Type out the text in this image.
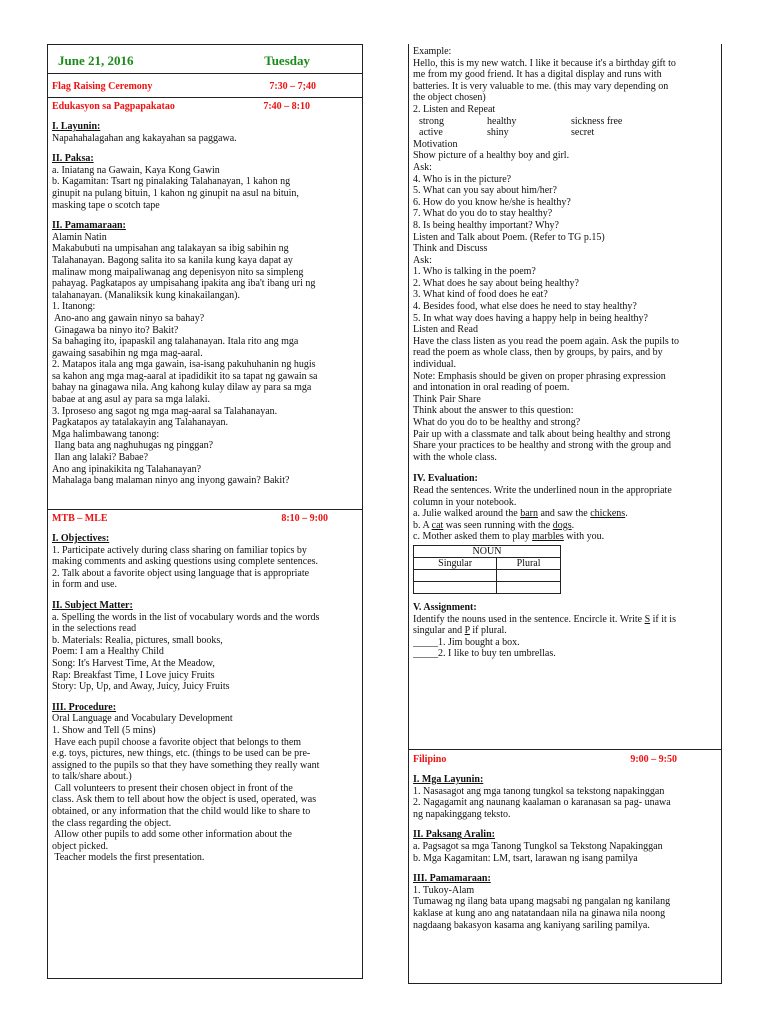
June 21, 2016	Tuesday
Flag Raising Ceremony	7:30 – 7;40
Edukasyon sa Pagpapakatao	7:40 – 8:10
I. Layunin:
Napahahalagahan ang kakayahan sa paggawa.
II. Paksa:
a. Iniatang na Gawain, Kaya Kong Gawin
b. Kagamitan: Tsart ng pinalaking Talahanayan, 1 kahon ng
ginupit na pulang bituin, 1 kahon ng ginupit na asul na bituin,
masking tape o scotch tape
II. Pamamaraan:
Alamin Natin
Makabubuti na umpisahan ang talakayan sa ibig sabihin ng
Talahanayan. Bagong salita ito sa kanila kung kaya dapat ay
malinaw mong maipaliwanag ang depenisyon nito sa simpleng
pahayag. Pagkatapos ay umpisahang ipakita ang iba't ibang uri ng
talahanayan. (Manaliksik kung kinakailangan).
1. Itanong:
Ano-ano ang gawain ninyo sa bahay?
Ginagawa ba ninyo ito? Bakit?
Sa bahaging ito, ipapaskil ang talahanayan. Itala rito ang mga
gawaing sasabihin ng mga mag-aaral.
2. Matapos itala ang mga gawain, isa-isang pakuhuhanin ng hugis
sa kahon ang mga mag-aaral at ipadidikit ito sa tapat ng gawain sa
bahay na ginagawa nila. Ang kahong kulay dilaw ay para sa mga
babae at ang asul ay para sa mga lalaki.
3. Iproseso ang sagot ng mga mag-aaral sa Talahanayan.
Pagkatapos ay tatalakayin ang Talahanayan.
Mga halimbawang tanong:
Ilang bata ang naghuhugas ng pinggan?
Ilan ang lalaki? Babae?
Ano ang ipinakikita ng Talahanayan?
Mahalaga bang malaman ninyo ang inyong gawain? Bakit?
MTB – MLE	8:10 – 9:00
I. Objectives:
1. Participate actively during class sharing on familiar topics by
making comments and asking questions using complete sentences.
2. Talk about a favorite object using language that is appropriate
in form and use.
II. Subject Matter:
a. Spelling the words in the list of vocabulary words and the words
in the selections read
b. Materials: Realia, pictures, small books,
Poem: I am a Healthy Child
Song: It's Harvest Time, At the Meadow,
Rap: Breakfast Time, I Love juicy Fruits
Story: Up, Up, and Away, Juicy, Juicy Fruits
III. Procedure:
Oral Language and Vocabulary Development
1. Show and Tell (5 mins)
Have each pupil choose a favorite object that belongs to them
e.g. toys, pictures, new things, etc. (things to be used can be pre-
assigned to the pupils so that they have something they really want
to talk/share about.)
Call volunteers to present their chosen object in front of the
class. Ask them to tell about how the object is used, operated, was
obtained, or any information that the child would like to share to
the class regarding the object.
Allow other pupils to add some other information about the
object picked.
Teacher models the first presentation.
Example:
Hello, this is my new watch. I like it because it's a birthday gift to
me from my good friend. It has a digital display and runs with
batteries. It is very valuable to me. (this may vary depending on
the object chosen)
2. Listen and Repeat
strong	healthy	sickness free
active	shiny	secret
Motivation
Show picture of a healthy boy and girl.
Ask:
4. Who is in the picture?
5. What can you say about him/her?
6. How do you know he/she is healthy?
7. What do you do to stay healthy?
8. Is being healthy important? Why?
Listen and Talk about Poem. (Refer to TG p.15)
Think and Discuss
Ask:
1. Who is talking in the poem?
2. What does he say about being healthy?
3. What kind of food does he eat?
4. Besides food, what else does he need to stay healthy?
5. In what way does having a happy help in being healthy?
Listen and Read
Have the class listen as you read the poem again. Ask the pupils to
read the poem as whole class, then by groups, by pairs, and by
individual.
Note: Emphasis should be given on proper phrasing expression
and intonation in oral reading of poem.
Think Pair Share
Think about the answer to this question:
What do you do to be healthy and strong?
Pair up with a classmate and talk about being healthy and strong
Share your practices to be healthy and strong with the group and
with the whole class.
IV. Evaluation:
Read the sentences. Write the underlined noun in the appropriate
column in your notebook.
a. Julie walked around the barn and saw the chickens.
b. A cat was seen running with the dogs.
c. Mother asked them to play marbles with you.
NOUN	
Singular	Plural

V. Assignment:
Identify the nouns used in the sentence. Encircle it. Write S if it is
singular and P if plural.
_____1. Jim bought a box.
_____2. I like to buy ten umbrellas.
Filipino	9:00 – 9:50
I. Mga Layunin:
1. Nasasagot ang mga tanong tungkol sa tekstong napakinggan
2. Nagagamit ang naunang kaalaman o karanasan sa pag- unawa
ng napakinggang teksto.
II. Paksang Aralin:
a. Pagsagot sa mga Tanong Tungkol sa Tekstong Napakinggan
b. Mga Kagamitan: LM, tsart, larawan ng isang pamilya
III. Pamamaraan:
1. Tukoy-Alam
Tumawag ng ilang bata upang magsabi ng pangalan ng kanilang
kaklase at kung ano ang natatandaan nila na ginawa nila noong
nagdaang bakasyon kasama ang kaniyang sariling pamilya.
